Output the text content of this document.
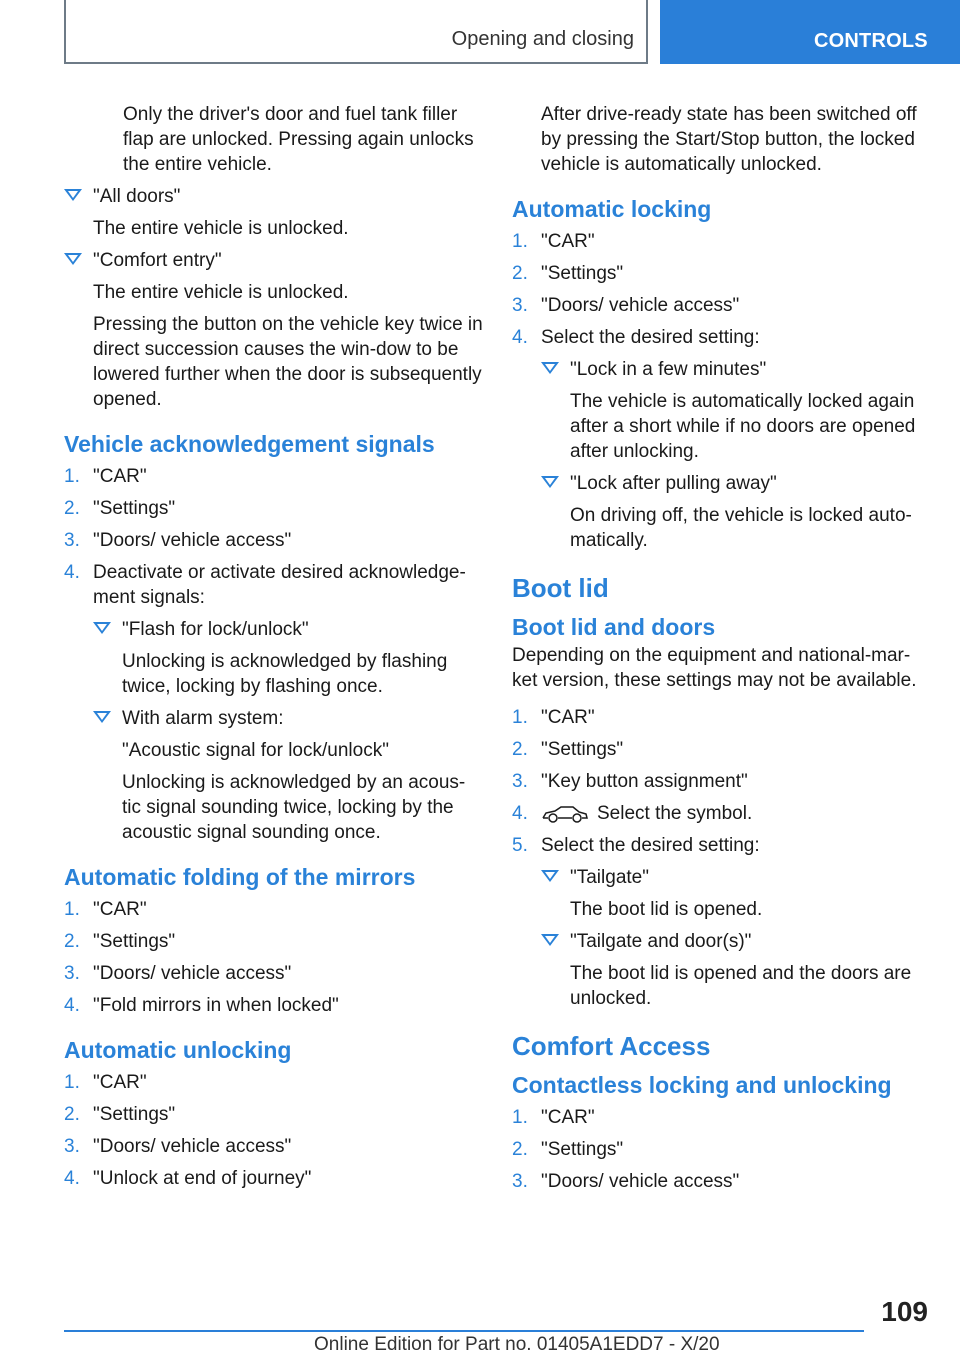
Opening and closing	CONTROLS

Only the driver's door and fuel tank filler flap are unlocked. Pressing again unlocks the entire vehicle.

"All doors"
The entire vehicle is unlocked.
"Comfort entry"
The entire vehicle is unlocked.
Pressing the button on the vehicle key twice in direct succession causes the win-dow to be lowered further when the door is subsequently opened.
Vehicle acknowledgement signals
1. "CAR"
2. "Settings"
3. "Doors/ vehicle access"
4. Deactivate or activate desired acknowledge-ment signals:
"Flash for lock/unlock"
Unlocking is acknowledged by flashing twice, locking by flashing once.
With alarm system:
"Acoustic signal for lock/unlock"
Unlocking is acknowledged by an acous-tic signal sounding twice, locking by the acoustic signal sounding once.
Automatic folding of the mirrors
1. "CAR"
2. "Settings"
3. "Doors/ vehicle access"
4. "Fold mirrors in when locked"
Automatic unlocking
1. "CAR"
2. "Settings"
3. "Doors/ vehicle access"
4. "Unlock at end of journey"

After drive-ready state has been switched off by pressing the Start/Stop button, the locked vehicle is automatically unlocked.

Automatic locking
1. "CAR"
2. "Settings"
3. "Doors/ vehicle access"
4. Select the desired setting:
"Lock in a few minutes"
The vehicle is automatically locked again after a short while if no doors are opened after unlocking.
"Lock after pulling away"
On driving off, the vehicle is locked auto-matically.
Boot lid
Boot lid and doors

Depending on the equipment and national-mar-ket version, these settings may not be available.

1. "CAR"
2. "Settings"
3. "Key button assignment"
4.	Select the symbol.
5. Select the desired setting:
"Tailgate"
The boot lid is opened.
"Tailgate and door(s)"
The boot lid is opened and the doors are unlocked.
Comfort Access
Contactless locking and unlocking
1. "CAR"
2. "Settings"
3. "Doors/ vehicle access"
109
Online Edition for Part no. 01405A1EDD7 - X/20
